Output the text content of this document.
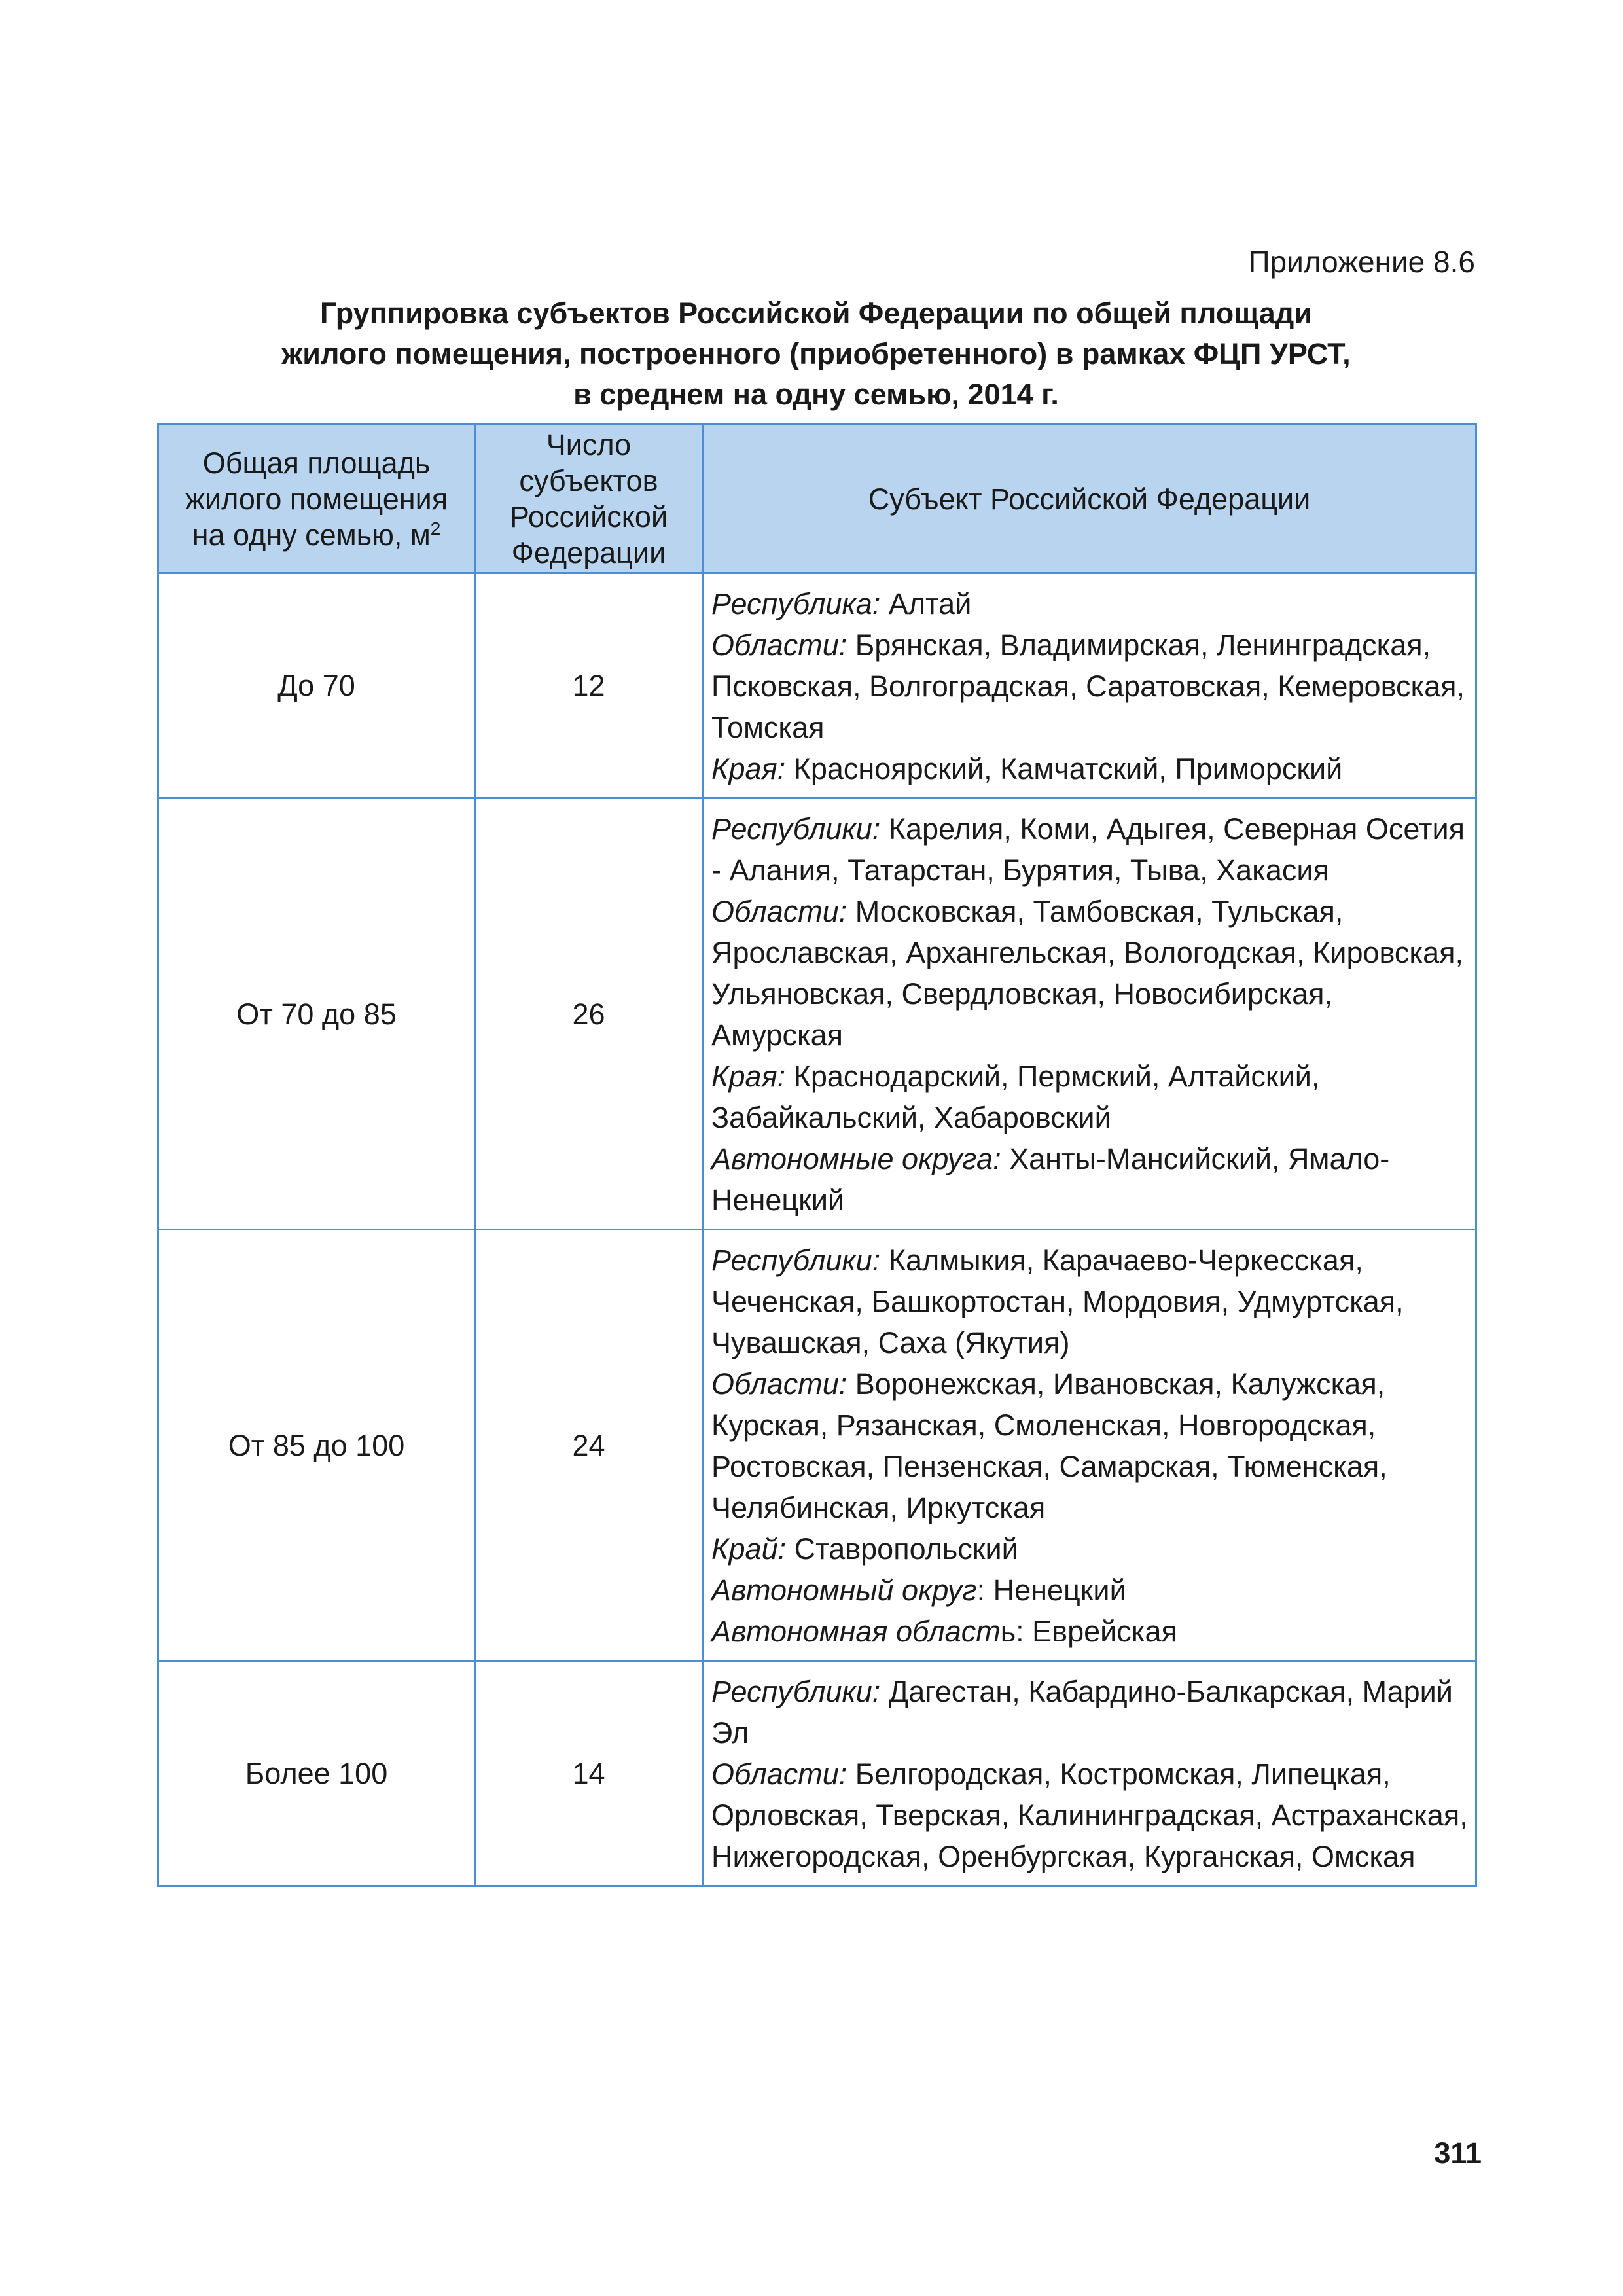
Приложение 8.6
Группировка субъектов Российской Федерации по общей площади
жилого помещения, построенного (приобретенного) в рамках ФЦП УРСТ,
в среднем на одну семью, 2014 г.
Общая площадь
жилого помещения
на одну семью, $м^2$	Число
субъектов
Российской
Федерации	Субъект Российской Федерации
До 70	12	Республика: Алтай
Области: Брянская, Владимирская, Ленинградская, Псковская, Волгоградская, Саратовская, Кемеровская, Томская
Края: Красноярский, Камчатский, Приморский

От 70 до 85	26	Республики: Карелия, Коми, Адыгея, Северная Осетия - Алания, Татарстан, Бурятия, Тыва, Хакасия
Области: Московская, Тамбовская, Тульская, Ярославская, Архангельская, Вологодская, Кировская, Ульяновская, Свердловская, Новосибирская, Амурская
Края: Краснодарский, Пермский, Алтайский, Забайкальский, Хабаровский
Автономные округа: Ханты-Мансийский, Ямало-Ненецкий

От 85 до 100	24	Республики: Калмыкия, Карачаево-Черкесская, Чеченская, Башкортостан, Мордовия, Удмуртская, Чувашская, Саха (Якутия)
Области: Воронежская, Ивановская, Калужская, Курская, Рязанская, Смоленская, Новгородская, Ростовская, Пензенская, Самарская, Тюменская, Челябинская, Иркутская
Край: Ставропольский
Автономный округ: Ненецкий
Автономная область: Еврейская

Более 100	14	Республики: Дагестан, Кабардино-Балкарская, Марий Эл
Области: Белгородская, Костромская, Липецкая, Орловская, Тверская, Калининградская, Астраханская, Нижегородская, Оренбургская, Курганская, Омская
311
